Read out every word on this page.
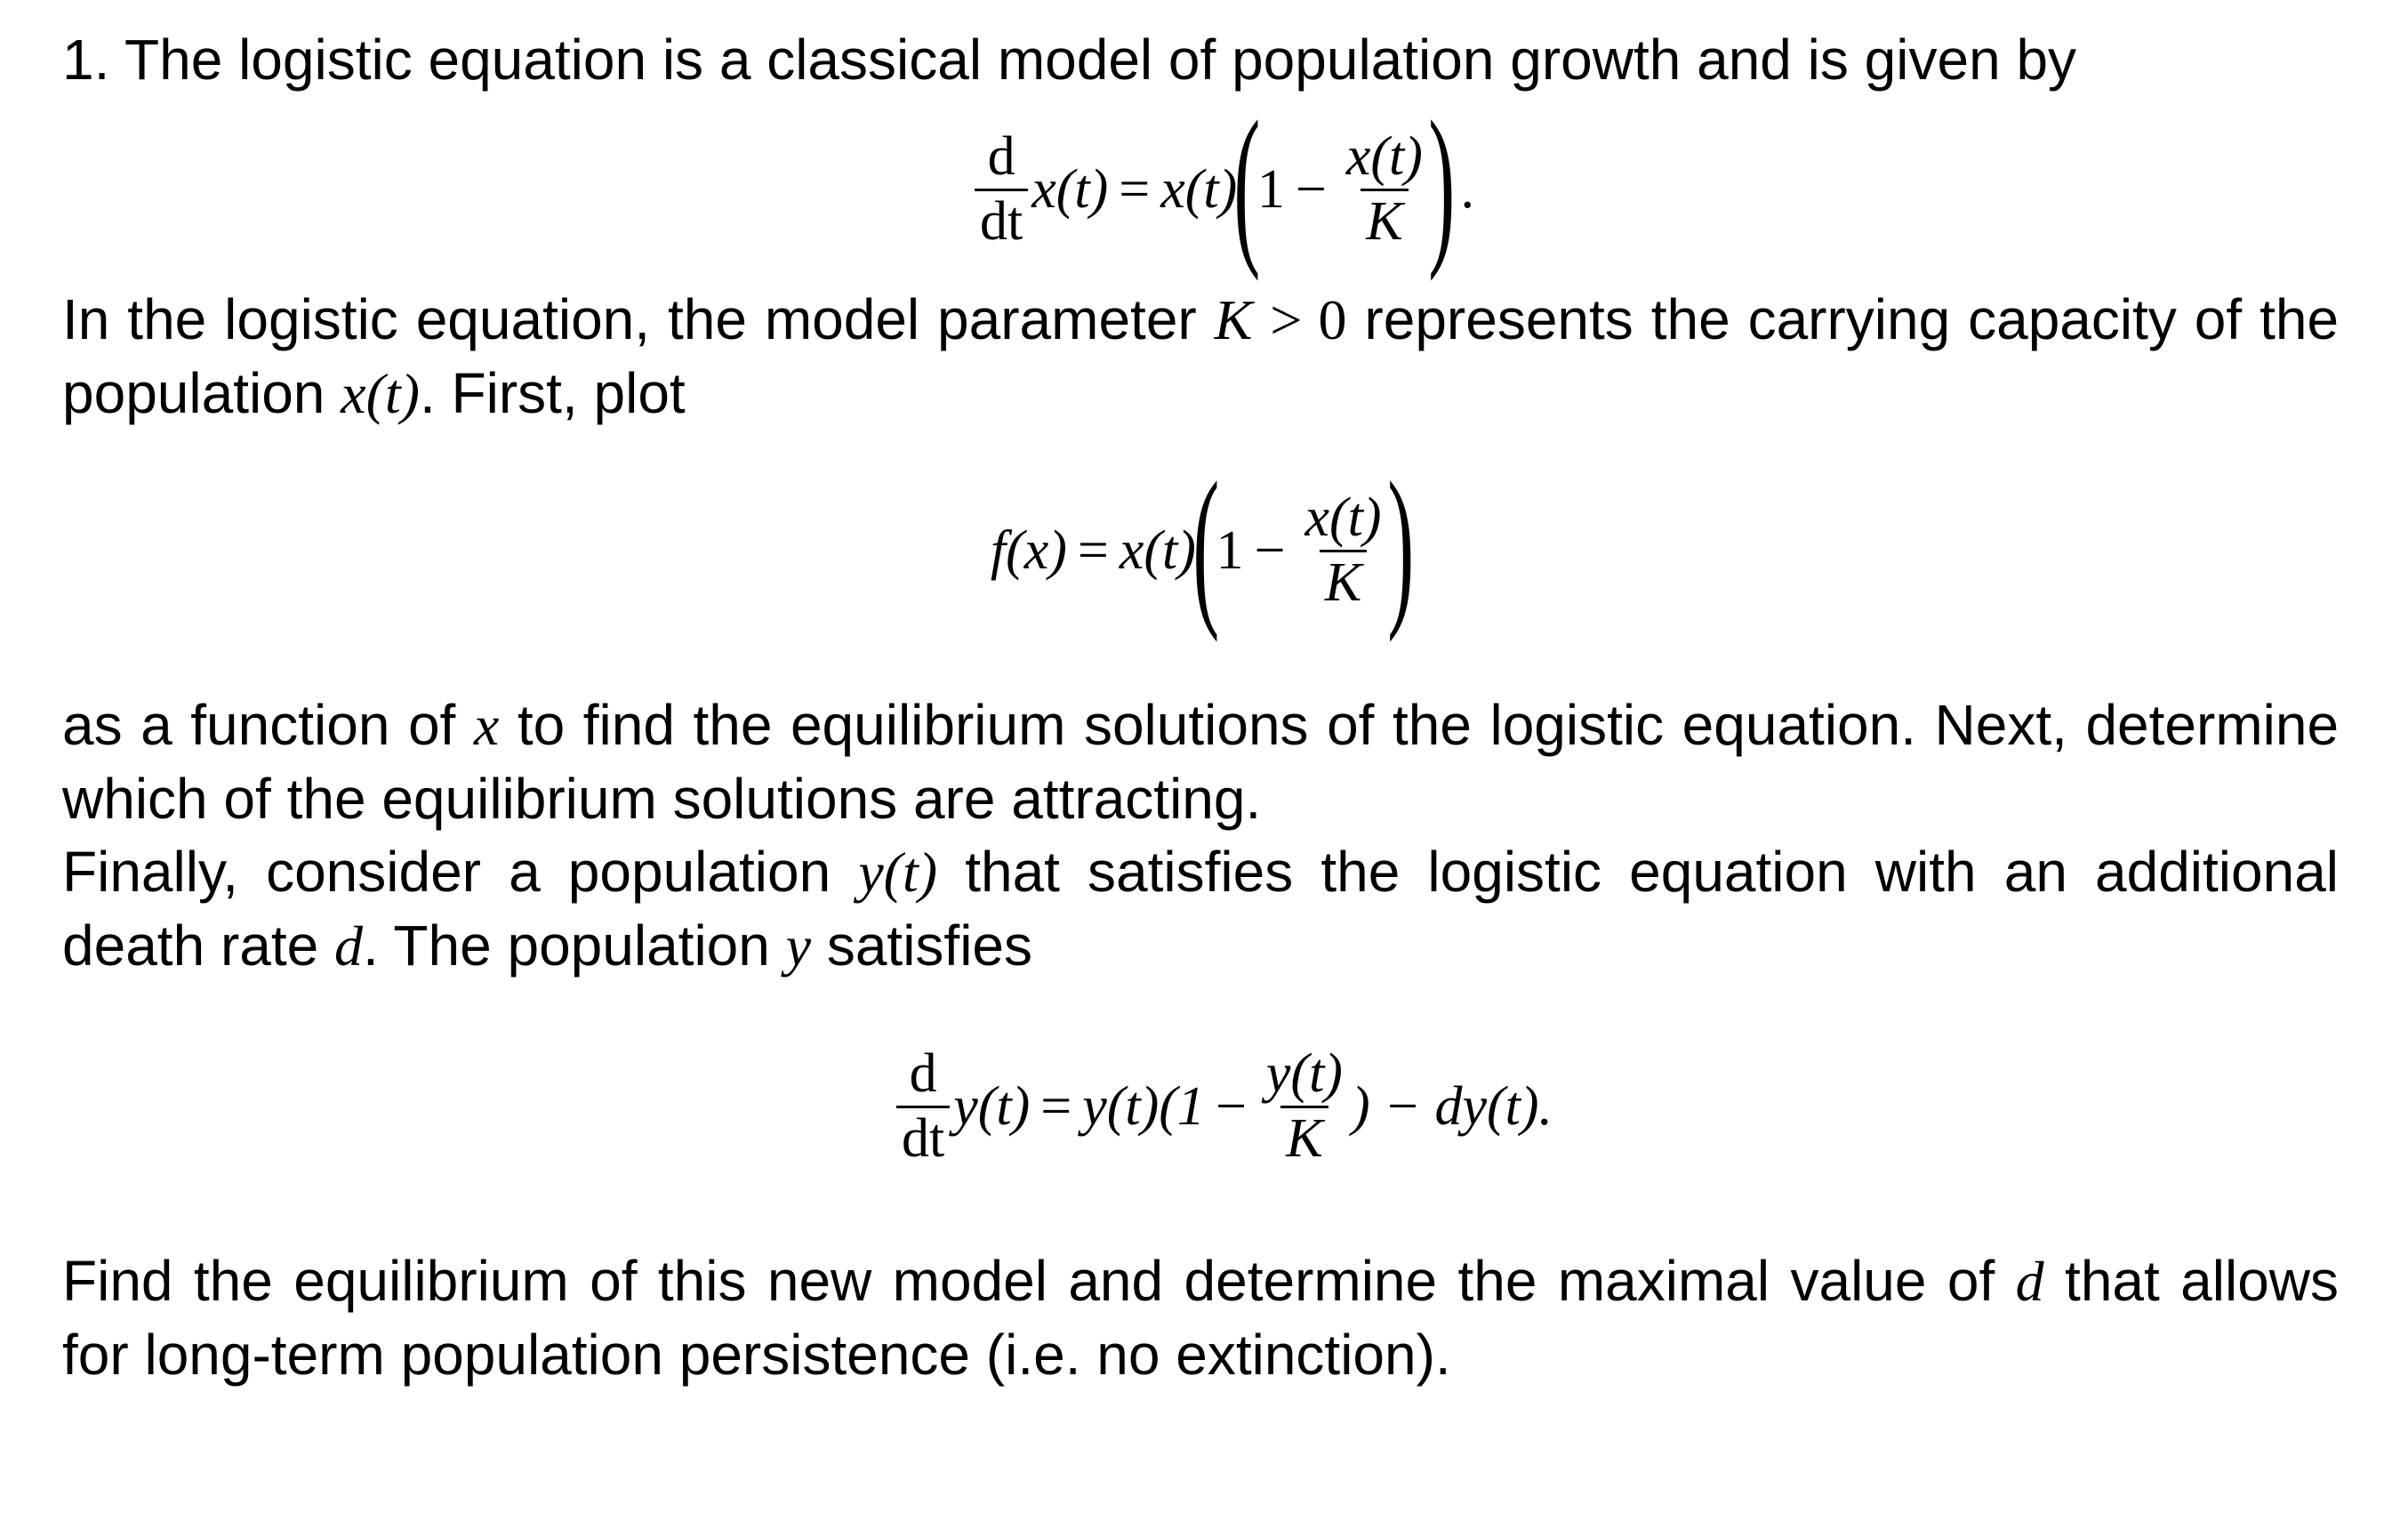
1. The logistic equation is a classical model of population growth and is given by

$\frac{d}{dt} x(t) = x(t)$
(
$1 - \frac{x(t)}{K}$ ) .

In the logistic equation, the model parameter K > 0 represents the carrying capacity of the population x(t). First, plot

f(x) = x(t)
(
$1 - \frac{x(t)}{K}$ )

as a function of x to find the equilibrium solutions of the logistic equation. Next, determine which of the equilibrium solutions are attracting.

Finally, consider a population y(t) that satisfies the logistic equation with an additional death rate d. The population y satisfies

$\frac{d}{dt} y(t) = y(t)(1 - \frac{y(t)}{K}$ ) − dy(t).

Find the equilibrium of this new model and determine the maximal value of d that allows for long-term population persistence (i.e. no extinction).
